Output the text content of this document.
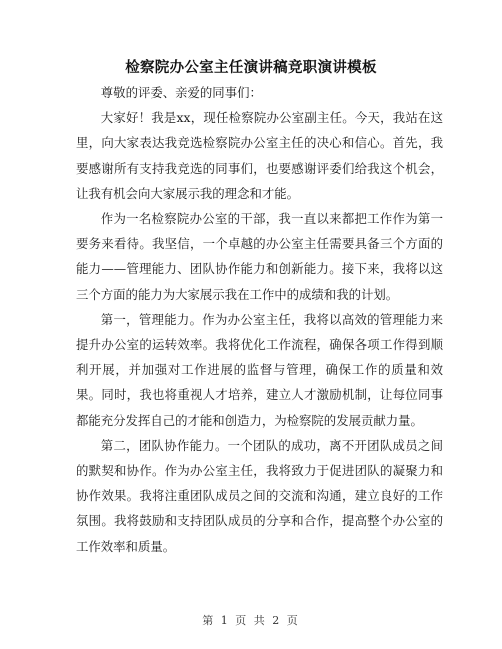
检察院办公室主任演讲稿竞职演讲模板

尊敬的评委、亲爱的同事们：

大家好！我是xx，现任检察院办公室副主任。今天，我站在这里，向大家表达我竞选检察院办公室主任的决心和信心。首先，我要感谢所有支持我竞选的同事们，也要感谢评委们给我这个机会，让我有机会向大家展示我的理念和才能。

作为一名检察院办公室的干部，我一直以来都把工作作为第一要务来看待。我坚信，一个卓越的办公室主任需要具备三个方面的能力——管理能力、团队协作能力和创新能力。接下来，我将以这三个方面的能力为大家展示我在工作中的成绩和我的计划。

第一，管理能力。作为办公室主任，我将以高效的管理能力来提升办公室的运转效率。我将优化工作流程，确保各项工作得到顺利开展，并加强对工作进展的监督与管理，确保工作的质量和效果。同时，我也将重视人才培养，建立人才激励机制，让每位同事都能充分发挥自己的才能和创造力，为检察院的发展贡献力量。

第二，团队协作能力。一个团队的成功，离不开团队成员之间的默契和协作。作为办公室主任，我将致力于促进团队的凝聚力和协作效果。我将注重团队成员之间的交流和沟通，建立良好的工作氛围。我将鼓励和支持团队成员的分享和合作，提高整个办公室的工作效率和质量。

第 1 页 共 2 页
